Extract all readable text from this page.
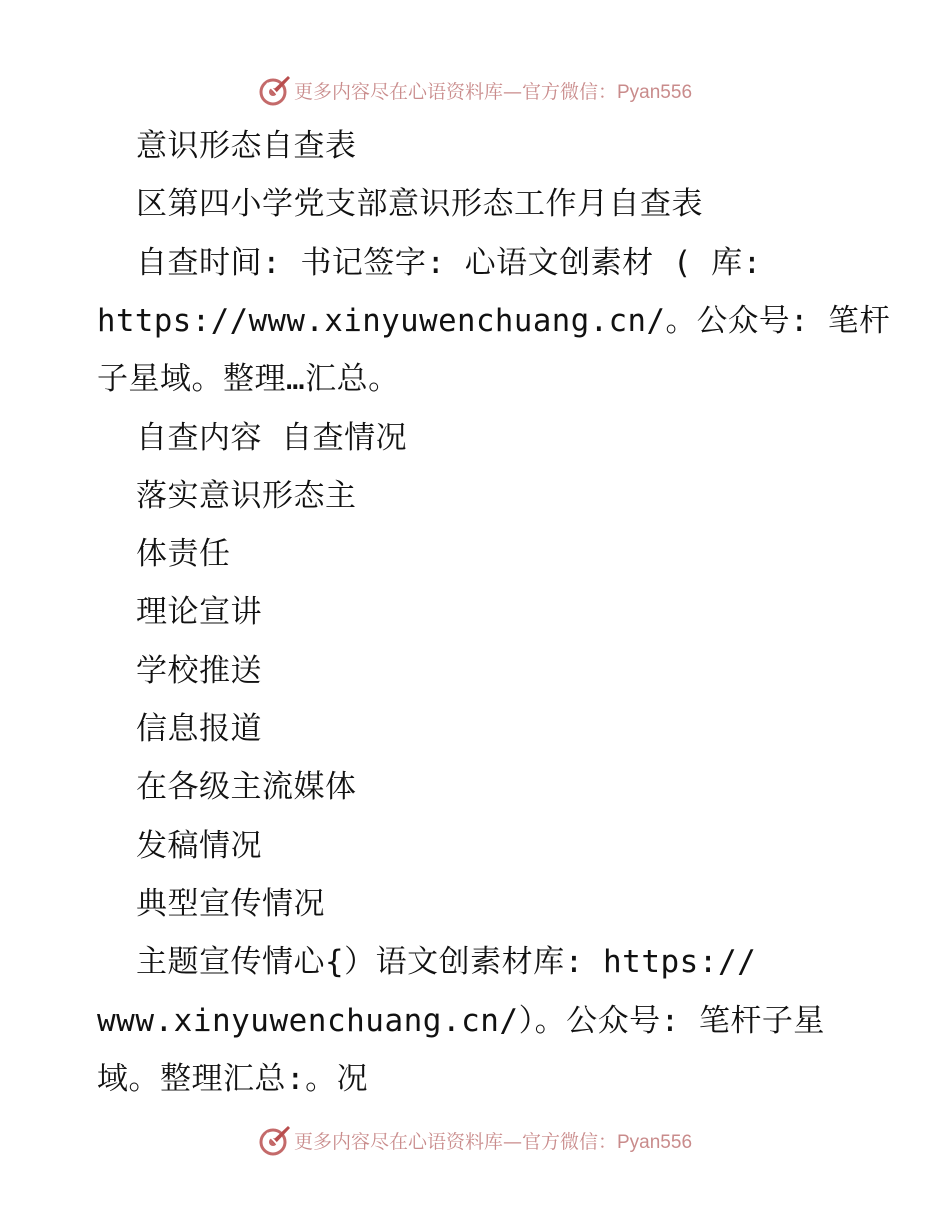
更多内容尽在心语资料库—官方微信：Pyan556
意识形态自查表
区第四小学党支部意识形态工作月自查表
自查时间: 书记签字: 心语文创素材 ( 库:
https://www.xinyuwenchuang.cn/。公众号: 笔杆
子星域。整理…汇总。
自查内容 自查情况
落实意识形态主
体责任
理论宣讲
学校推送
信息报道
在各级主流媒体
发稿情况
典型宣传情况
主题宣传情心{）语文创素材库: https://
www.xinyuwenchuang.cn/）。公众号: 笔杆子星
域。整理汇总:。况
更多内容尽在心语资料库—官方微信：Pyan556
